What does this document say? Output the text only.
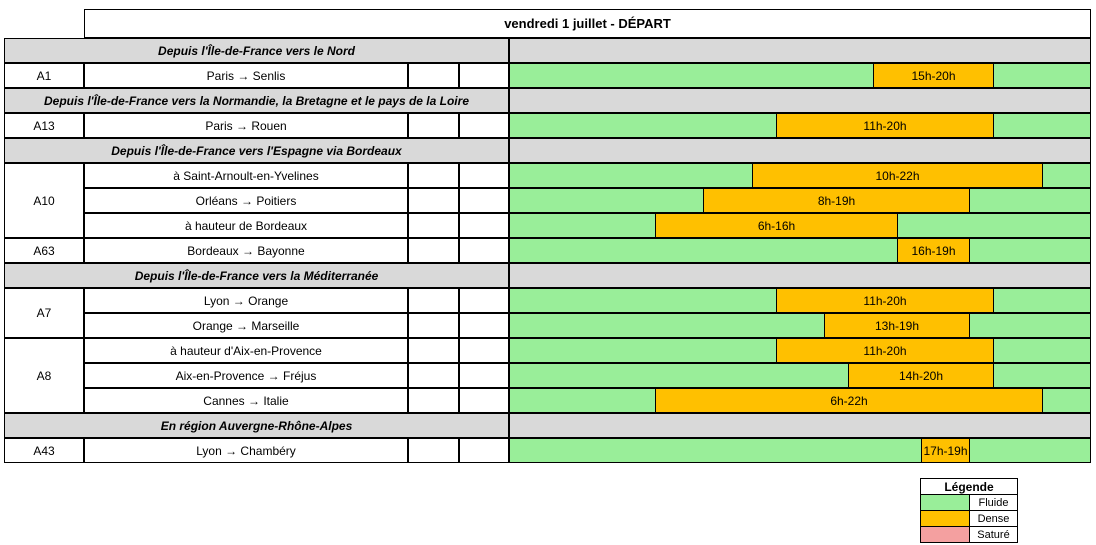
vendredi 1 juillet - DÉPART
Depuis l'Île-de-France vers le Nord
A1	Paris → Senlis	15h-20h
Depuis l'Île-de-France vers la Normandie, la Bretagne et le pays de la Loire
A13	Paris → Rouen	11h-20h
Depuis l'Île-de-France vers l'Espagne via Bordeaux
A10
à Saint-Arnoult-en-Yvelines	10h-22h
Orléans → Poitiers	8h-19h
à hauteur de Bordeaux	6h-16h
A63	Bordeaux → Bayonne	16h-19h
Depuis l'Île-de-France vers la Méditerranée
A7
Lyon → Orange	11h-20h
Orange → Marseille	13h-19h
A8
à hauteur d'Aix-en-Provence	11h-20h
Aix-en-Provence → Fréjus	14h-20h
Cannes → Italie	6h-22h
En région Auvergne-Rhône-Alpes
A43	Lyon → Chambéry	17h-19h
Légende
Fluide
Dense
Saturé
